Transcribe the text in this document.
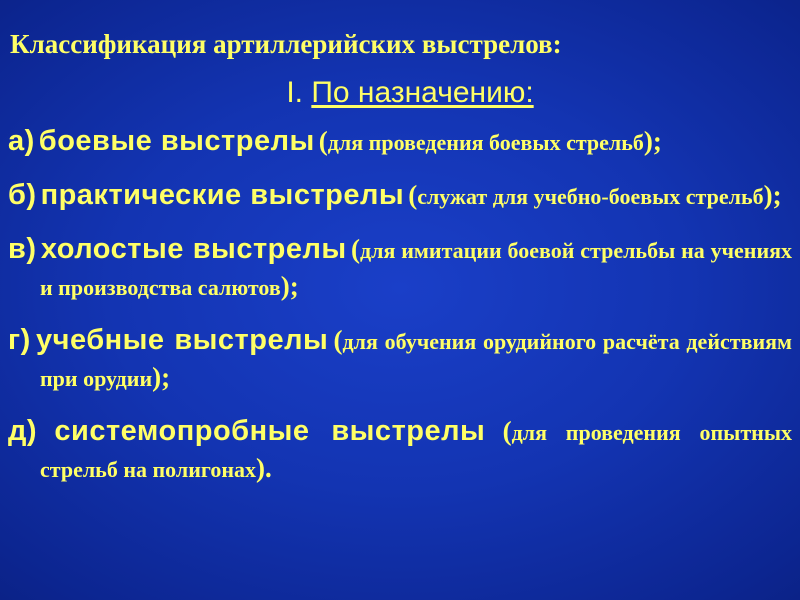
Классификация артиллерийских выстрелов:
I. По назначению:
а) боевые выстрелы (для проведения боевых стрельб);
б) практические выстрелы (служат для учебно-боевых стрельб);
в) холостые выстрелы (для имитации боевой стрельбы на учениях и производства салютов);
г) учебные выстрелы (для обучения орудийного расчёта действиям при орудии);
д) системопробные выстрелы (для проведения опытных стрельб на полигонах).
